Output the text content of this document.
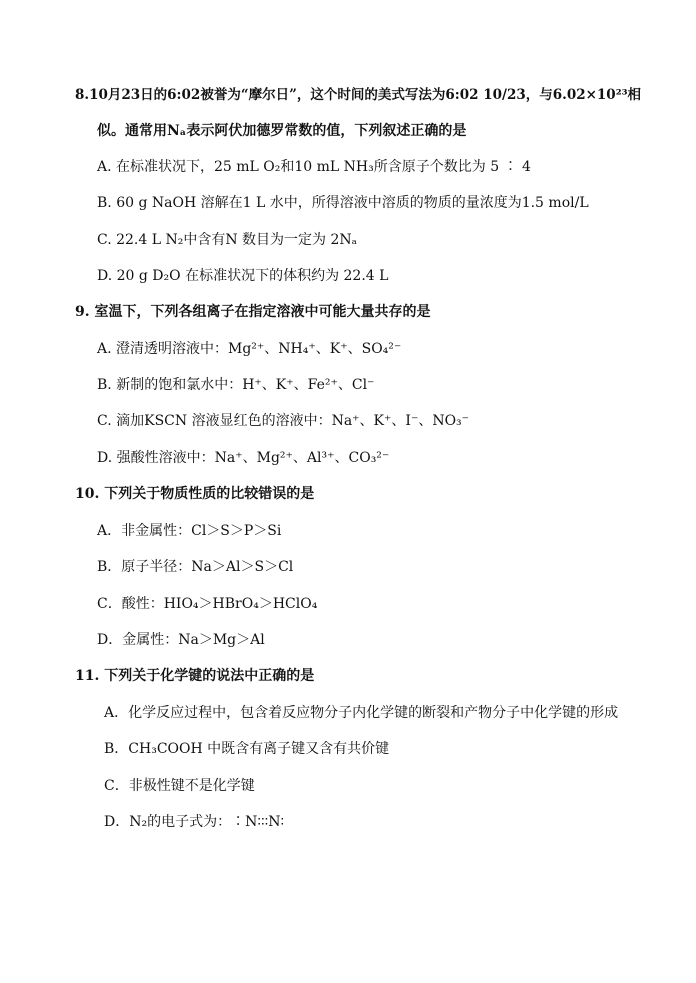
8.10月23日的6:02被誉为“摩尔日”，这个时间的美式写法为6:02 10/23，与6.02×10²³相
似。通常用Nₐ表示阿伏加德罗常数的值，下列叙述正确的是
A. 在标准状况下，25 mL O₂和10 mL NH₃所含原子个数比为 5 ∶ 4
B. 60 g NaOH 溶解在1 L 水中，所得溶液中溶质的物质的量浓度为1.5 mol/L
C. 22.4 L N₂中含有N 数目为一定为 2Nₐ
D. 20 g D₂O 在标准状况下的体积约为 22.4 L
9. 室温下，下列各组离子在指定溶液中可能大量共存的是
A. 澄清透明溶液中：Mg²⁺、NH₄⁺、K⁺、SO₄²⁻
B. 新制的饱和氯水中：H⁺、K⁺、Fe²⁺、Cl⁻
C. 滴加KSCN 溶液显红色的溶液中：Na⁺、K⁺、I⁻、NO₃⁻
D. 强酸性溶液中：Na⁺、Mg²⁺、Al³⁺、CO₃²⁻
10. 下列关于物质性质的比较错误的是
A．非金属性：Cl＞S＞P＞Si
B．原子半径：Na＞Al＞S＞Cl
C．酸性：HIO₄＞HBrO₄＞HClO₄
D．金属性：Na＞Mg＞Al
11. 下列关于化学键的说法中正确的是
A．化学反应过程中，包含着反应物分子内化学键的断裂和产物分子中化学键的形成
B．CH₃COOH 中既含有离子键又含有共价键
C．非极性键不是化学键
D．N₂的电子式为：∶N∶∶∶N∶
